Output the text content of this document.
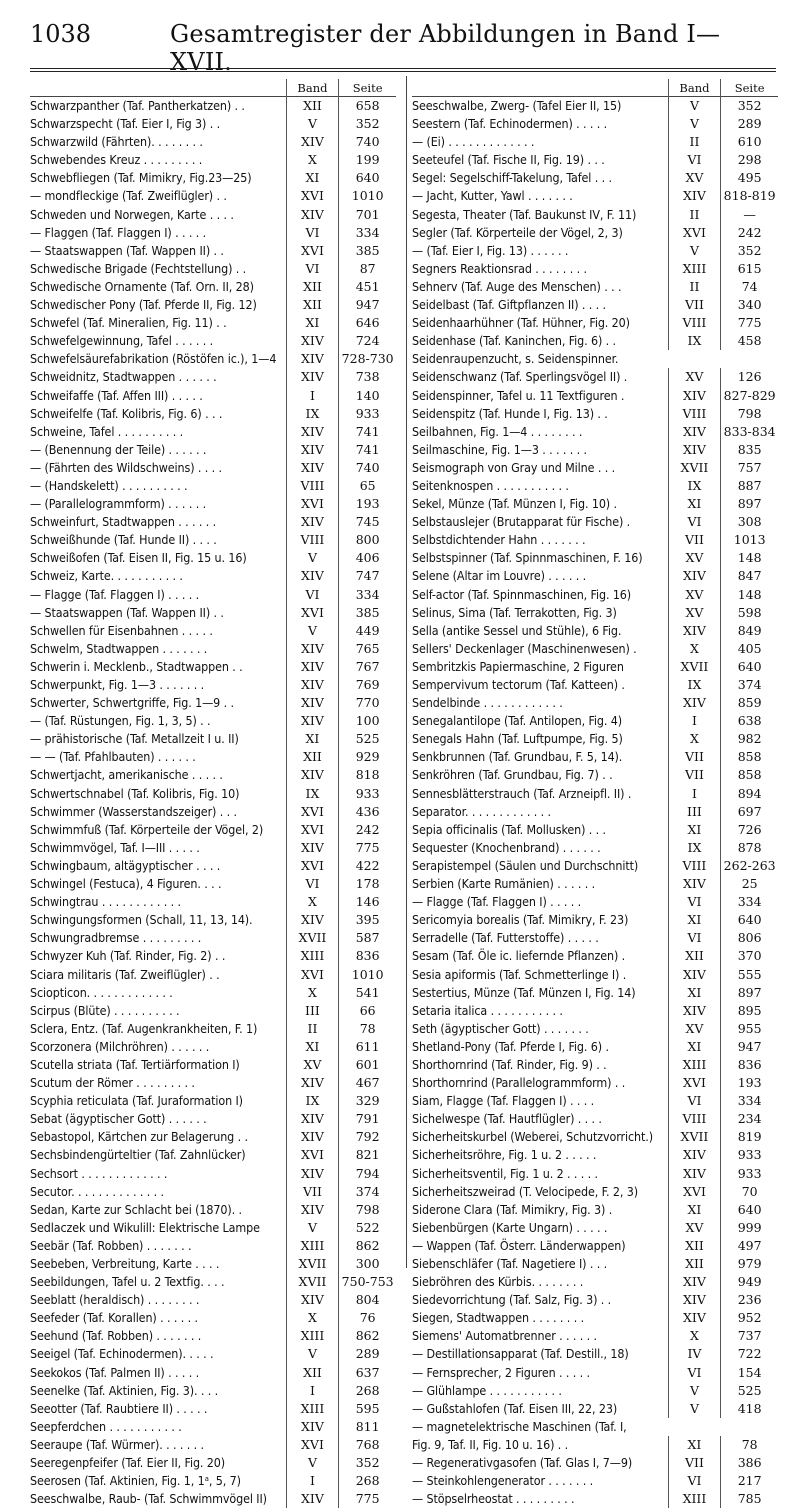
1038	Gesamtregister der Abbildungen in Band I—XVII.
Band	Seite
Schwarzpanther (Taf. Pantherkatzen) . .	XII	658
Schwarzspecht (Taf. Eier I, Fig 3) . .	V	352
Schwarzwild (Fährten). . . . . . . .	XIV	740
Schwebendes Kreuz . . . . . . . . .	X	199
Schwebfliegen (Taf. Mimikry, Fig.23—25)	XI	640
— mondfleckige (Taf. Zweiflügler) . .	XVI	1010
Schweden und Norwegen, Karte . . . .	XIV	701
— Flaggen (Taf. Flaggen I) . . . . .	VI	334
— Staatswappen (Taf. Wappen II) . .	XVI	385
Schwedische Brigade (Fechtstellung) . .	VI	87
Schwedische Ornamente (Taf. Orn. II, 28)	XII	451
Schwedischer Pony (Taf. Pferde II, Fig. 12)	XII	947
Schwefel (Taf. Mineralien, Fig. 11) . .	XI	646
Schwefelgewinnung, Tafel . . . . . .	XIV	724
Schwefelsäurefabrikation (Röstöfen ic.), 1—4	XIV	728-730
Schweidnitz, Stadtwappen . . . . . .	XIV	738
Schweifaffe (Taf. Affen III) . . . . .	I	140
Schweifelfe (Taf. Kolibris, Fig. 6) . . .	IX	933
Schweine, Tafel . . . . . . . . . .	XIV	741
— (Benennung der Teile) . . . . . .	XIV	741
— (Fährten des Wildschweins) . . . .	XIV	740
— (Handskelett) . . . . . . . . . .	VIII	65
— (Parallelogrammform) . . . . . .	XVI	193
Schweinfurt, Stadtwappen . . . . . .	XIV	745
Schweißhunde (Taf. Hunde II) . . . .	VIII	800
Schweißofen (Taf. Eisen II, Fig. 15 u. 16)	V	406
Schweiz, Karte. . . . . . . . . . .	XIV	747
— Flagge (Taf. Flaggen I) . . . . .	VI	334
— Staatswappen (Taf. Wappen II) . .	XVI	385
Schwellen für Eisenbahnen . . . . .	V	449
Schwelm, Stadtwappen . . . . . . .	XIV	765
Schwerin i. Mecklenb., Stadtwappen . .	XIV	767
Schwerpunkt, Fig. 1—3 . . . . . . .	XIV	769
Schwerter, Schwertgriffe, Fig. 1—9 . .	XIV	770
— (Taf. Rüstungen, Fig. 1, 3, 5) . .	XIV	100
— prähistorische (Taf. Metallzeit I u. II)	XI	525
— — (Taf. Pfahlbauten) . . . . . .	XII	929
Schwertjacht, amerikanische . . . . .	XIV	818
Schwertschnabel (Taf. Kolibris, Fig. 10)	IX	933
Schwimmer (Wasserstandszeiger) . . .	XVI	436
Schwimmfuß (Taf. Körperteile der Vögel, 2)	XVI	242
Schwimmvögel, Taf. I—III . . . . .	XIV	775
Schwingbaum, altägyptischer . . . .	XVI	422
Schwingel (Festuca), 4 Figuren. . . .	VI	178
Schwingtrau . . . . . . . . . . . .	X	146
Schwingungsformen (Schall, 11, 13, 14).	XIV	395
Schwungradbremse . . . . . . . . .	XVII	587
Schwyzer Kuh (Taf. Rinder, Fig. 2) . .	XIII	836
Sciara militaris (Taf. Zweiflügler) . .	XVI	1010
Sciopticon. . . . . . . . . . . . .	X	541
Scirpus (Blüte) . . . . . . . . . .	III	66
Sclera, Entz. (Taf. Augenkrankheiten, F. 1)	II	78
Scorzonera (Milchröhren) . . . . . .	XI	611
Scutella striata (Taf. Tertiärformation I)	XV	601
Scutum der Römer . . . . . . . . .	XIV	467
Scyphia reticulata (Taf. Juraformation I)	IX	329
Sebat (ägyptischer Gott) . . . . . .	XIV	791
Sebastopol, Kärtchen zur Belagerung . .	XIV	792
Sechsbindengürteltier (Taf. Zahnlücker)	XVI	821
Sechsort . . . . . . . . . . . . .	XIV	794
Secutor. . . . . . . . . . . . . .	VII	374
Sedan, Karte zur Schlacht bei (1870). .	XIV	798
Sedlaczek und Wikulill: Elektrische Lampe	V	522
Seebär (Taf. Robben) . . . . . . .	XIII	862
Seebeben, Verbreitung, Karte . . . .	XVII	300
Seebildungen, Tafel u. 2 Textfig. . . .	XVII	750-753
Seeblatt (heraldisch) . . . . . . . .	XIV	804
Seefeder (Taf. Korallen) . . . . . .	X	76
Seehund (Taf. Robben) . . . . . . .	XIII	862
Seeigel (Taf. Echinodermen). . . . .	V	289
Seekokos (Taf. Palmen II) . . . . .	XII	637
Seenelke (Taf. Aktinien, Fig. 3). . . .	I	268
Seeotter (Taf. Raubtiere II) . . . . .	XIII	595
Seepferdchen . . . . . . . . . . .	XIV	811
Seeraupe (Taf. Würmer). . . . . . .	XVI	768
Seeregenpfeifer (Taf. Eier II, Fig. 20)	V	352
Seerosen (Taf. Aktinien, Fig. 1, 1ᵃ, 5, 7)	I	268
Seeschwalbe, Raub- (Taf. Schwimmvögel II)	XIV	775
Band	Seite
Seeschwalbe, Zwerg- (Tafel Eier II, 15)	V	352
Seestern (Taf. Echinodermen) . . . . .	V	289
— (Ei) . . . . . . . . . . . . .	II	610
Seeteufel (Taf. Fische II, Fig. 19) . . .	VI	298
Segel: Segelschiff-Takelung, Tafel . . .	XV	495
— Jacht, Kutter, Yawl . . . . . . .	XIV	818-819
Segesta, Theater (Taf. Baukunst IV, F. 11)	II	—
Segler (Taf. Körperteile der Vögel, 2, 3)	XVI	242
— (Taf. Eier I, Fig. 13) . . . . . .	V	352
Segners Reaktionsrad . . . . . . . .	XIII	615
Sehnerv (Taf. Auge des Menschen) . . .	II	74
Seidelbast (Taf. Giftpflanzen II) . . . .	VII	340
Seidenhaarhühner (Taf. Hühner, Fig. 20)	VIII	775
Seidenhase (Taf. Kaninchen, Fig. 6) . .	IX	458
Seidenraupenzucht, s. Seidenspinner.
Seidenschwanz (Taf. Sperlingsvögel II) .	XV	126
Seidenspinner, Tafel u. 11 Textfiguren .	XIV	827-829
Seidenspitz (Taf. Hunde I, Fig. 13) . .	VIII	798
Seilbahnen, Fig. 1—4 . . . . . . . .	XIV	833-834
Seilmaschine, Fig. 1—3 . . . . . . .	XIV	835
Seismograph von Gray und Milne . . .	XVII	757
Seitenknospen . . . . . . . . . . .	IX	887
Sekel, Münze (Taf. Münzen I, Fig. 10) .	XI	897
Selbstauslejer (Brutapparat für Fische) .	VI	308
Selbstdichtender Hahn . . . . . . .	VII	1013
Selbstspinner (Taf. Spinnmaschinen, F. 16)	XV	148
Selene (Altar im Louvre) . . . . . .	XIV	847
Self-actor (Taf. Spinnmaschinen, Fig. 16)	XV	148
Selinus, Sima (Taf. Terrakotten, Fig. 3)	XV	598
Sella (antike Sessel und Stühle), 6 Fig.	XIV	849
Sellers' Deckenlager (Maschinenwesen) .	X	405
Sembritzkis Papiermaschine, 2 Figuren	XVII	640
Sempervivum tectorum (Taf. Katteen) .	IX	374
Sendelbinde . . . . . . . . . . . .	XIV	859
Senegalantilope (Taf. Antilopen, Fig. 4)	I	638
Senegals Hahn (Taf. Luftpumpe, Fig. 5)	X	982
Senkbrunnen (Taf. Grundbau, F. 5, 14).	VII	858
Senkröhren (Taf. Grundbau, Fig. 7) . .	VII	858
Sennesblätterstrauch (Taf. Arzneipfl. II) .	I	894
Separator. . . . . . . . . . . . .	III	697
Sepia officinalis (Taf. Mollusken) . . .	XI	726
Sequester (Knochenbrand) . . . . . .	IX	878
Serapistempel (Säulen und Durchschnitt)	VIII	262-263
Serbien (Karte Rumänien) . . . . . .	XIV	25
— Flagge (Taf. Flaggen I) . . . . .	VI	334
Sericomyia borealis (Taf. Mimikry, F. 23)	XI	640
Serradelle (Taf. Futterstoffe) . . . . .	VI	806
Sesam (Taf. Öle ic. liefernde Pflanzen) .	XII	370
Sesia apiformis (Taf. Schmetterlinge I) .	XIV	555
Sestertius, Münze (Taf. Münzen I, Fig. 14)	XI	897
Setaria italica . . . . . . . . . . .	XIV	895
Seth (ägyptischer Gott) . . . . . . .	XV	955
Shetland-Pony (Taf. Pferde I, Fig. 6) .	XI	947
Shorthornrind (Taf. Rinder, Fig. 9) . .	XIII	836
Shorthornrind (Parallelogrammform) . .	XVI	193
Siam, Flagge (Taf. Flaggen I) . . . .	VI	334
Sichelwespe (Taf. Hautflügler) . . . .	VIII	234
Sicherheitskurbel (Weberei, Schutzvorricht.)	XVII	819
Sicherheitsröhre, Fig. 1 u. 2 . . . . .	XIV	933
Sicherheitsventil, Fig. 1 u. 2 . . . . .	XIV	933
Sicherheitszweirad (T. Velocipede, F. 2, 3)	XVI	70
Siderone Clara (Taf. Mimikry, Fig. 3) .	XI	640
Siebenbürgen (Karte Ungarn) . . . . .	XV	999
— Wappen (Taf. Österr. Länderwappen)	XII	497
Siebenschläfer (Taf. Nagetiere I) . . .	XII	979
Siebröhren des Kürbis. . . . . . . .	XIV	949
Siedevorrichtung (Taf. Salz, Fig. 3) . .	XIV	236
Siegen, Stadtwappen . . . . . . . .	XIV	952
Siemens' Automatbrenner . . . . . .	X	737
— Destillationsapparat (Taf. Destill., 18)	IV	722
— Fernsprecher, 2 Figuren . . . . .	VI	154
— Glühlampe . . . . . . . . . . .	V	525
— Gußstahlofen (Taf. Eisen III, 22, 23)	V	418
— magnetelektrische Maschinen (Taf. I,
Fig. 9, Taf. II, Fig. 10 u. 16) . .	XI	78
— Regenerativgasofen (Taf. Glas I, 7—9)	VII	386
— Steinkohlengenerator . . . . . . .	VI	217
— Stöpselrheostat . . . . . . . . .	XIII	785
